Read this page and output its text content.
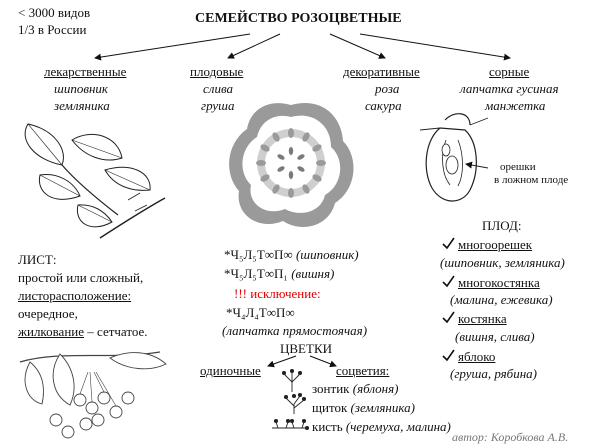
< 3000 видов
1/3 в России
СЕМЕЙСТВО РОЗОЦВЕТНЫЕ
лекарственные
шиповник
земляника
плодовые
слива
груша
декоративные
роза
сакура
сорные
лапчатка гусиная
манжетка
орешки
в ложном плоде
ЛИСТ:
простой или сложный,
листорасположение:
очередное,
жилкование – сетчатое.
*Ч₅Л₅Т∞П∞ (шиповник)
*Ч₅Л₅Т∞П₁ (вишня)
!!! исключение:
*Ч₄Л₄Т∞П∞
(лапчатка прямостоячая)
ЦВЕТКИ
одиночные	соцветия:
зонтик (яблоня)
щиток (земляника)
кисть (черемуха, малина)
ПЛОД:
многоорешек
(шиповник, земляника)
многокостянка
(малина, ежевика)
костянка
(вишня, слива)
яблоко
(груша, рябина)
автор: Коробкова А.В.
